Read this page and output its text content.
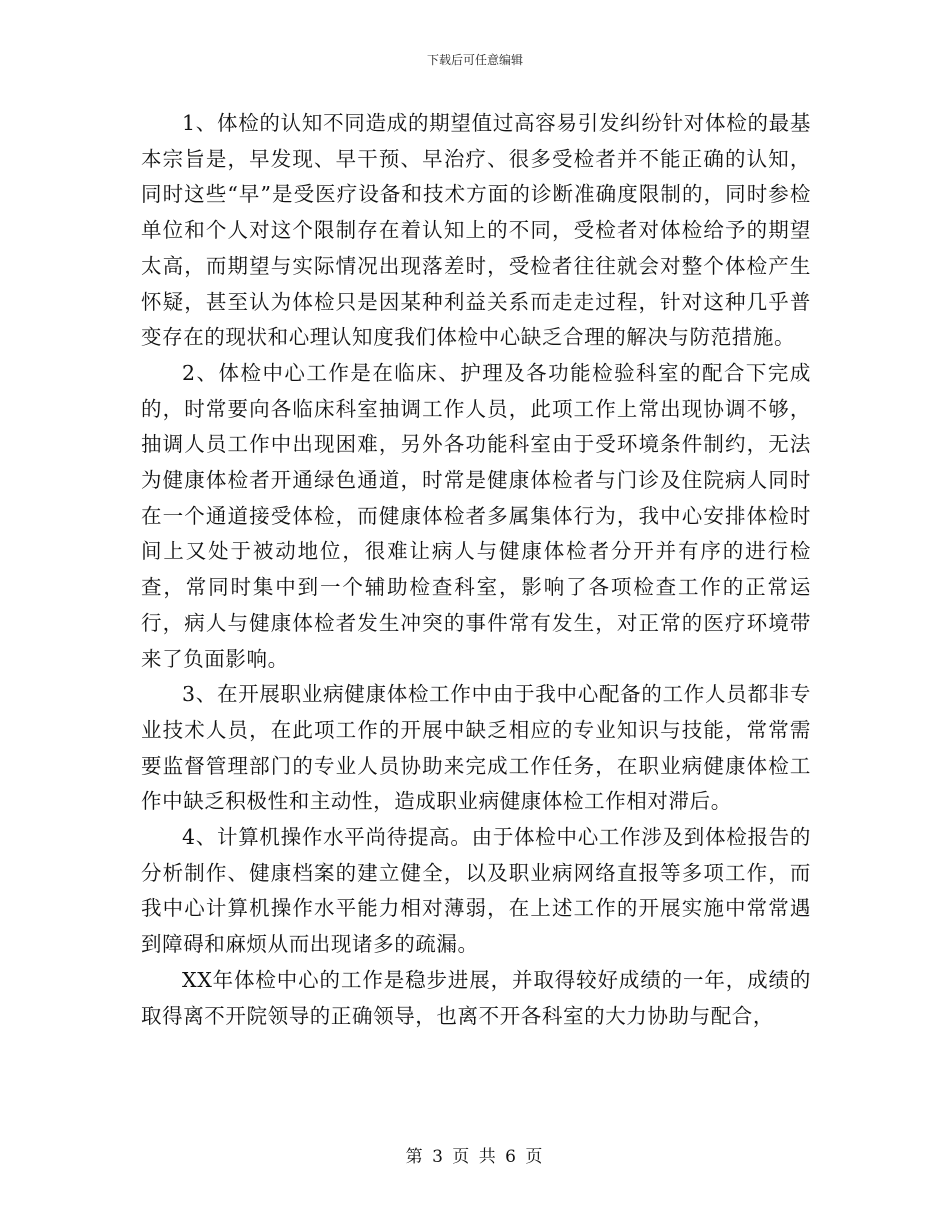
下载后可任意编辑

1、体检的认知不同造成的期望值过高容易引发纠纷针对体检的最基本宗旨是，早发现、早干预、早治疗、很多受检者并不能正确的认知，同时这些“早”是受医疗设备和技术方面的诊断准确度限制的，同时参检单位和个人对这个限制存在着认知上的不同，受检者对体检给予的期望太高，而期望与实际情况出现落差时，受检者往往就会对整个体检产生怀疑，甚至认为体检只是因某种利益关系而走走过程，针对这种几乎普变存在的现状和心理认知度我们体检中心缺乏合理的解决与防范措施。

2、体检中心工作是在临床、护理及各功能检验科室的配合下完成的，时常要向各临床科室抽调工作人员，此项工作上常出现协调不够，抽调人员工作中出现困难，另外各功能科室由于受环境条件制约，无法为健康体检者开通绿色通道，时常是健康体检者与门诊及住院病人同时在一个通道接受体检，而健康体检者多属集体行为，我中心安排体检时间上又处于被动地位，很难让病人与健康体检者分开并有序的进行检查，常同时集中到一个辅助检查科室，影响了各项检查工作的正常运行，病人与健康体检者发生冲突的事件常有发生，对正常的医疗环境带来了负面影响。

3、在开展职业病健康体检工作中由于我中心配备的工作人员都非专业技术人员，在此项工作的开展中缺乏相应的专业知识与技能，常常需要监督管理部门的专业人员协助来完成工作任务，在职业病健康体检工作中缺乏积极性和主动性，造成职业病健康体检工作相对滞后。

4、计算机操作水平尚待提高。由于体检中心工作涉及到体检报告的分析制作、健康档案的建立健全，以及职业病网络直报等多项工作，而我中心计算机操作水平能力相对薄弱，在上述工作的开展实施中常常遇到障碍和麻烦从而出现诸多的疏漏。

XX年体检中心的工作是稳步进展，并取得较好成绩的一年，成绩的取得离不开院领导的正确领导，也离不开各科室的大力协助与配合，

第 3 页 共 6 页
